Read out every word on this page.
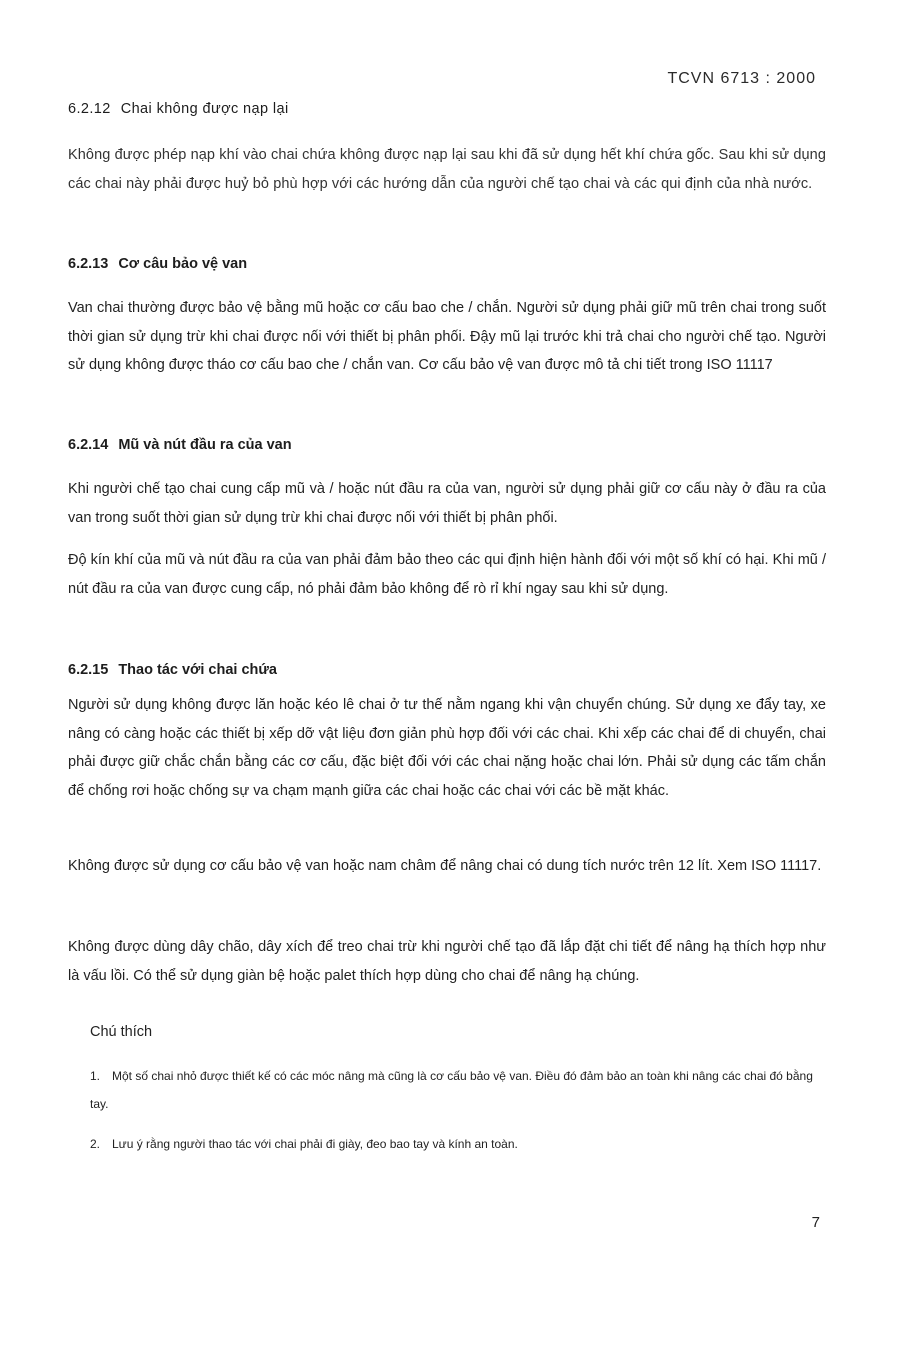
TCVN 6713 : 2000
6.2.12 Chai không được nạp lại
Không được phép nạp khí vào chai chứa không được nạp lại sau khi đã sử dụng hết khí chứa gốc. Sau khi sử dụng các chai này phải được huỷ bỏ phù hợp với các hướng dẫn của người chế tạo chai và các qui định của nhà nước.
6.2.13 Cơ câu bảo vệ van
Van chai thường được bảo vệ bằng mũ hoặc cơ cấu bao che / chắn. Người sử dụng phải giữ mũ trên chai trong suốt thời gian sử dụng trừ khi chai được nối với thiết bị phân phối. Đậy mũ lại trước khi trả chai cho người chế tạo. Người sử dụng không được tháo cơ cấu bao che / chắn van. Cơ cấu bảo vệ van được mô tả chi tiết trong ISO 11117
6.2.14 Mũ và nút đầu ra của van
Khi người chế tạo chai cung cấp mũ và / hoặc nút đầu ra của van, người sử dụng phải giữ cơ cấu này ở đầu ra của van trong suốt thời gian sử dụng trừ khi chai được nối với thiết bị phân phối.
Độ kín khí của mũ và nút đầu ra của van phải đảm bảo theo các qui định hiện hành đối với một số khí có hại. Khi mũ / nút đầu ra của van được cung cấp, nó phải đảm bảo không để rò rỉ khí ngay sau khi sử dụng.
6.2.15 Thao tác với chai chứa
Người sử dụng không được lăn hoặc kéo lê chai ở tư thế nằm ngang khi vận chuyển chúng. Sử dụng xe đẩy tay, xe nâng có càng hoặc các thiết bị xếp dỡ vật liệu đơn giản phù hợp đối với các chai. Khi xếp các chai để di chuyển, chai phải được giữ chắc chắn bằng các cơ cấu, đặc biệt đối với các chai nặng hoặc chai lớn. Phải sử dụng các tấm chắn để chống rơi hoặc chống sự va chạm mạnh giữa các chai hoặc các chai với các bề mặt khác.
Không được sử dụng cơ cấu bảo vệ van hoặc nam châm để nâng chai có dung tích nước trên 12 lít. Xem ISO 11117.
Không được dùng dây chão, dây xích để treo chai trừ khi người chế tạo đã lắp đặt chi tiết để nâng hạ thích hợp như là vấu lồi. Có thể sử dụng giàn bệ hoặc palet thích hợp dùng cho chai để nâng hạ chúng.
Chú thích
1. Một số chai nhỏ được thiết kế có các móc nâng mà cũng là cơ cấu bảo vệ van. Điều đó đảm bảo an toàn khi nâng các chai đó bằng tay.
2. Lưu ý rằng người thao tác với chai phải đi giày, đeo bao tay và kính an toàn.
7
